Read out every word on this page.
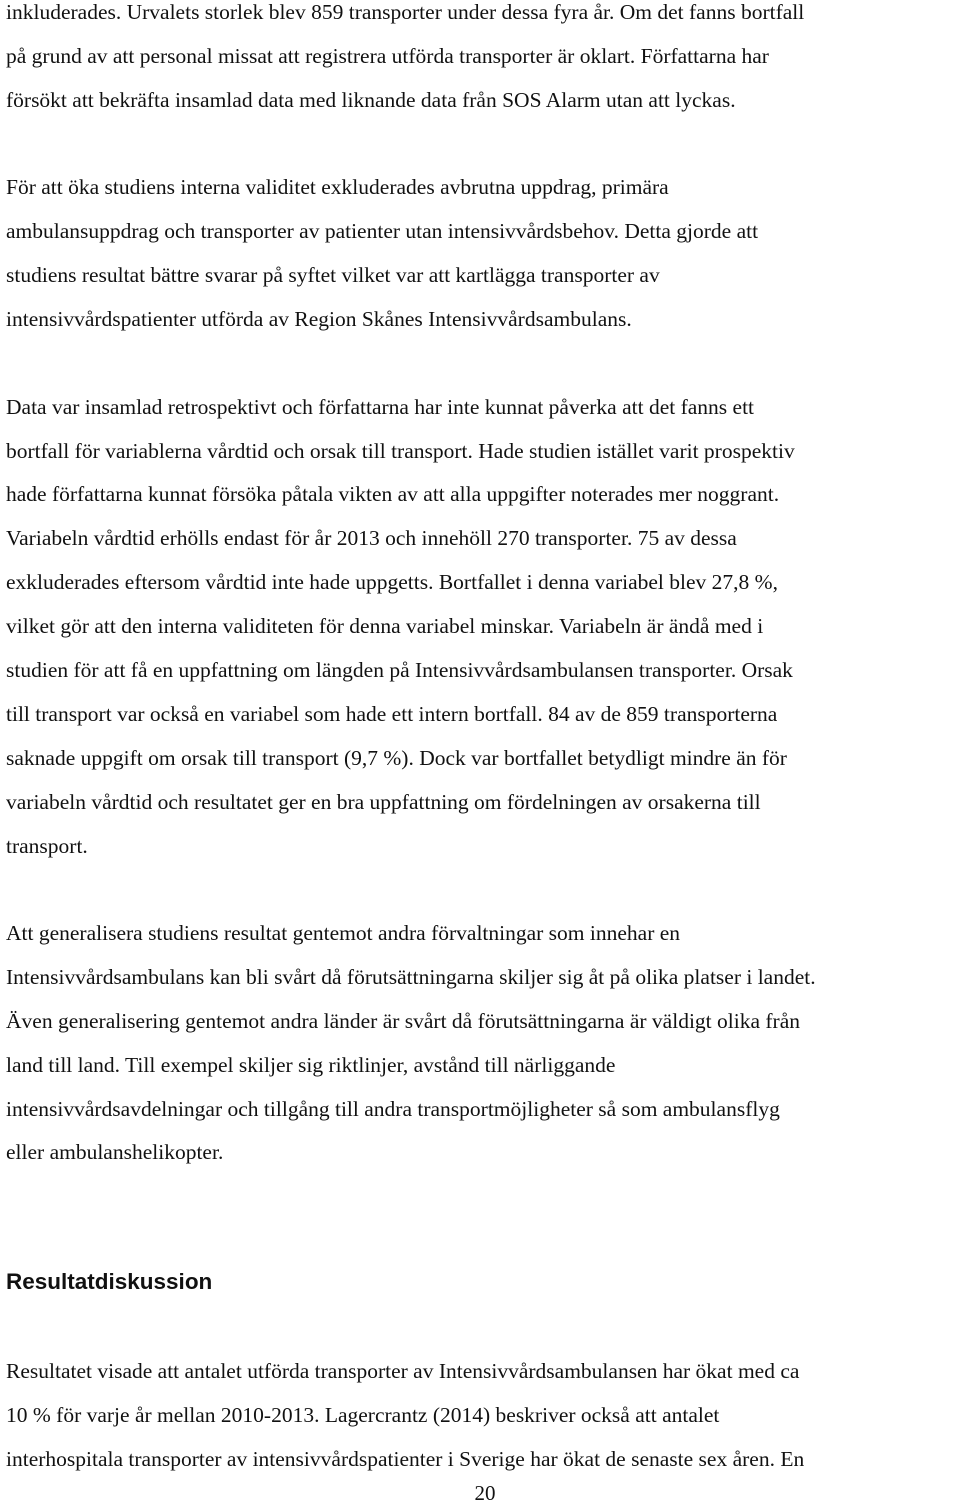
inkluderades. Urvalets storlek blev 859 transporter under dessa fyra år. Om det fanns bortfall

på grund av att personal missat att registrera utförda transporter är oklart. Författarna har

försökt att bekräfta insamlad data med liknande data från SOS Alarm utan att lyckas.

För att öka studiens interna validitet exkluderades avbrutna uppdrag, primära

ambulansuppdrag och transporter av patienter utan intensivvårdsbehov. Detta gjorde att

studiens resultat bättre svarar på syftet vilket var att kartlägga transporter av

intensivvårdspatienter utförda av Region Skånes Intensivvårdsambulans.

Data var insamlad retrospektivt och författarna har inte kunnat påverka att det fanns ett

bortfall för variablerna vårdtid och orsak till transport. Hade studien istället varit prospektiv

hade författarna kunnat försöka påtala vikten av att alla uppgifter noterades mer noggrant.

Variabeln vårdtid erhölls endast för år 2013 och innehöll 270 transporter. 75 av dessa

exkluderades eftersom vårdtid inte hade uppgetts. Bortfallet i denna variabel blev 27,8 %,

vilket gör att den interna validiteten för denna variabel minskar. Variabeln är ändå med i

studien för att få en uppfattning om längden på Intensivvårdsambulansen transporter. Orsak

till transport var också en variabel som hade ett intern bortfall. 84 av de 859 transporterna

saknade uppgift om orsak till transport (9,7 %). Dock var bortfallet betydligt mindre än för

variabeln vårdtid och resultatet ger en bra uppfattning om fördelningen av orsakerna till

transport.

Att generalisera studiens resultat gentemot andra förvaltningar som innehar en

Intensivvårdsambulans kan bli svårt då förutsättningarna skiljer sig åt på olika platser i landet.

Även generalisering gentemot andra länder är svårt då förutsättningarna är väldigt olika från

land till land. Till exempel skiljer sig riktlinjer, avstånd till närliggande

intensivvårdsavdelningar och tillgång till andra transportmöjligheter så som ambulansflyg

eller ambulanshelikopter.

Resultatdiskussion

Resultatet visade att antalet utförda transporter av Intensivvårdsambulansen har ökat med ca

10 % för varje år mellan 2010-2013. Lagercrantz (2014) beskriver också att antalet

interhospitala transporter av intensivvårdspatienter i Sverige har ökat de senaste sex åren. En

20
